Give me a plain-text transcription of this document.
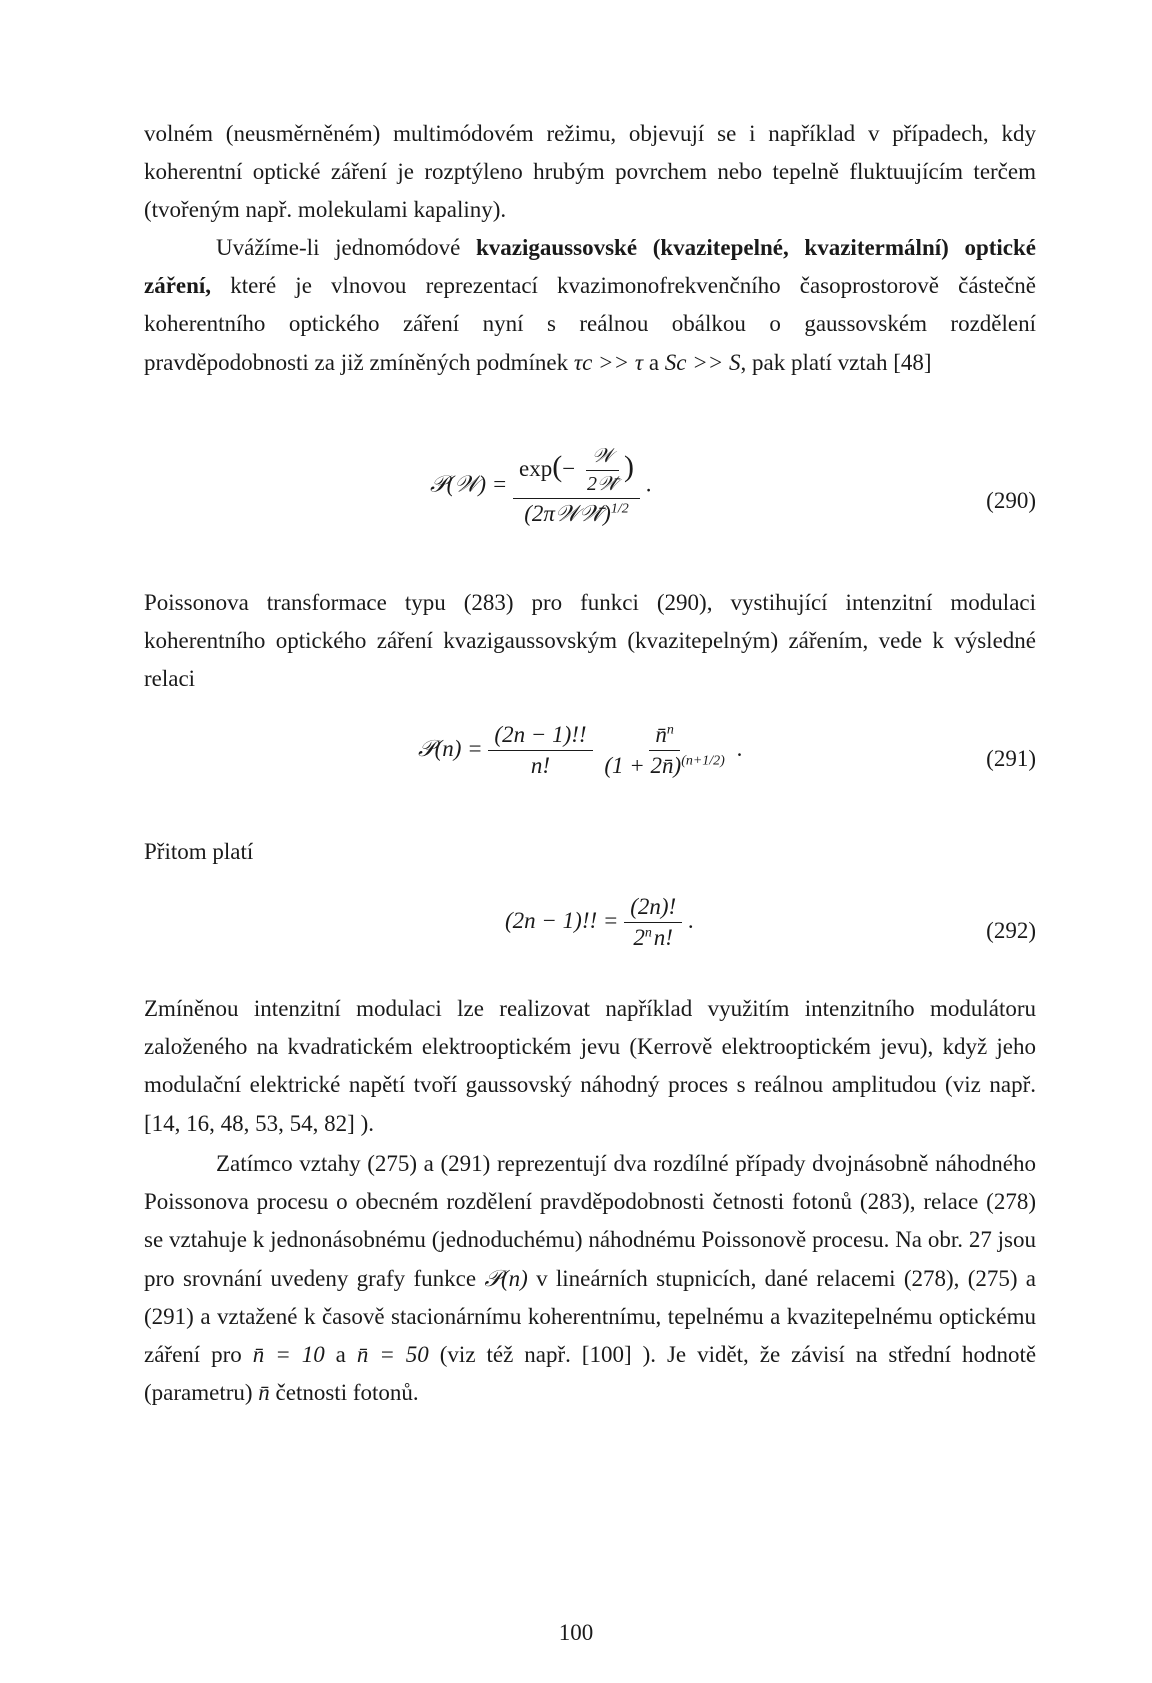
volném (neusměrněném) multimódovém režimu, objevují se i například v případech, kdy koherentní optické záření je rozptýleno hrubým povrchem nebo tepelně fluktuujícím terčem (tvořeným např. molekulami kapaliny).

Uvážíme-li jednomódové kvazigaussovské (kvazitepelné, kvazitermální) optické záření, které je vlnovou reprezentací kvazimonofrekvenčního časoprostorově částečně koherentního optického záření nyní s reálnou obálkou o gaussovském rozdělení pravděpodobnosti za již zmíněných podmínek τc >> τ a Sc >> S, pak platí vztah [48]

𝒫(𝒲) = $\frac{\exp(- \frac{\text{𝒲}}{\text{2𝒲̄}} )}{(2\pi 𝒲𝒲̄)^{1/2}}$ .
(290)

Poissonova transformace typu (283) pro funkci (290), vystihující intenzitní modulaci koherentního optického záření kvazigaussovským (kvazitepelným) zářením, vede k výsledné relaci

𝒫(n) = $\frac{(2n - 1)!!}{n!}$
$\frac{n̄^n}{(1 + 2n̄)^{(n+1/2)}}$ .	(291)

Přitom platí

(2n − 1)!! = $\frac{(2n)!}{2^n n!}$ .	(292)

Zmíněnou intenzitní modulaci lze realizovat například využitím intenzitního modulátoru založeného na kvadratickém elektrooptickém jevu (Kerrově elektrooptickém jevu), když jeho modulační elektrické napětí tvoří gaussovský náhodný proces s reálnou amplitudou (viz např. [14, 16, 48, 53, 54, 82] ).

Zatímco vztahy (275) a (291) reprezentují dva rozdílné případy dvojnásobně náhodného Poissonova procesu o obecném rozdělení pravděpodobnosti četnosti fotonů (283), relace (278) se vztahuje k jednonásobnému (jednoduchému) náhodnému Poissonově procesu. Na obr. 27 jsou pro srovnání uvedeny grafy funkce 𝒫(n) v lineárních stupnicích, dané relacemi (278), (275) a (291) a vztažené k časově stacionárnímu koherentnímu, tepelnému a kvazitepelnému optickému záření pro n̄ = 10 a n̄ = 50 (viz též např. [100] ). Je vidět, že závisí na střední hodnotě (parametru) n̄ četnosti fotonů.

100
